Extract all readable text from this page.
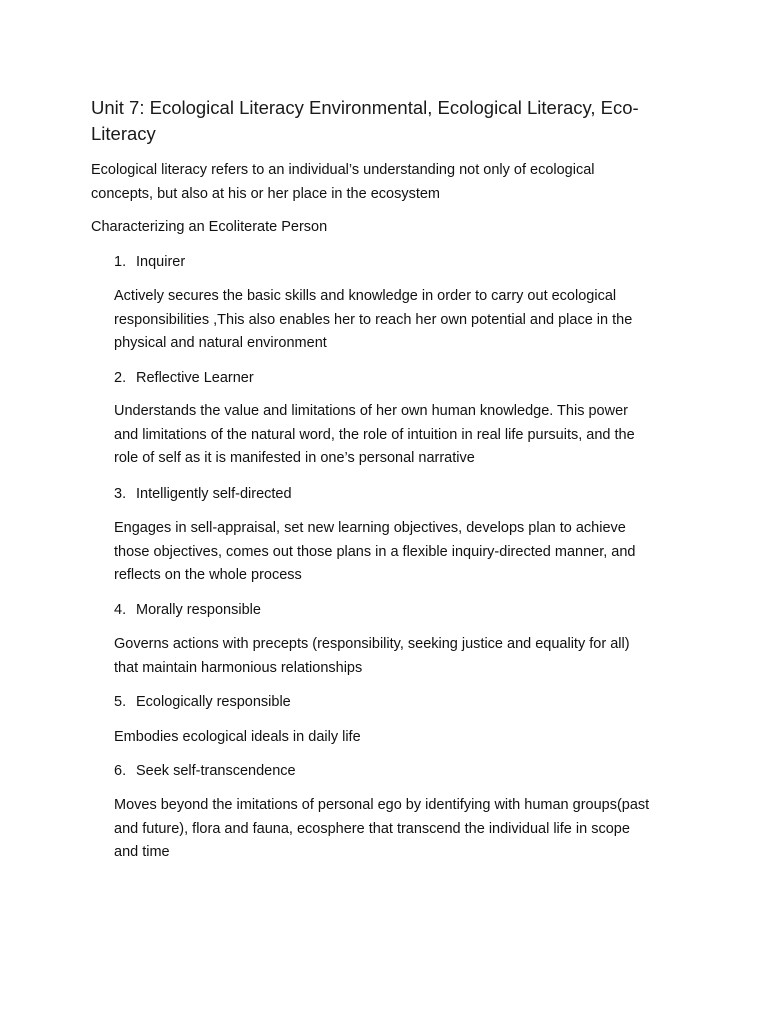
Unit 7: Ecological Literacy Environmental, Ecological Literacy, Eco-Literacy

Ecological literacy refers to an individual’s understanding not only of ecological concepts, but also at his or her place in the ecosystem

Characterizing an Ecoliterate Person

1. Inquirer

Actively secures the basic skills and knowledge in order to carry out ecological responsibilities ,This also enables her to reach her own potential and place in the physical and natural environment

2. Reflective Learner

Understands the value and limitations of her own human knowledge. This power and limitations of the natural word, the role of intuition in real life pursuits, and the role of self as it is manifested in one’s personal narrative

3. Intelligently self-directed

Engages in sell-appraisal, set new learning objectives, develops plan to achieve those objectives, comes out those plans in a flexible inquiry-directed manner, and reflects on the whole process

4. Morally responsible

Governs actions with precepts (responsibility, seeking justice and equality for all) that maintain harmonious relationships

5. Ecologically responsible

Embodies ecological ideals in daily life

6. Seek self-transcendence

Moves beyond the imitations of personal ego by identifying with human groups(past and future), flora and fauna, ecosphere that transcend the individual life in scope and time
